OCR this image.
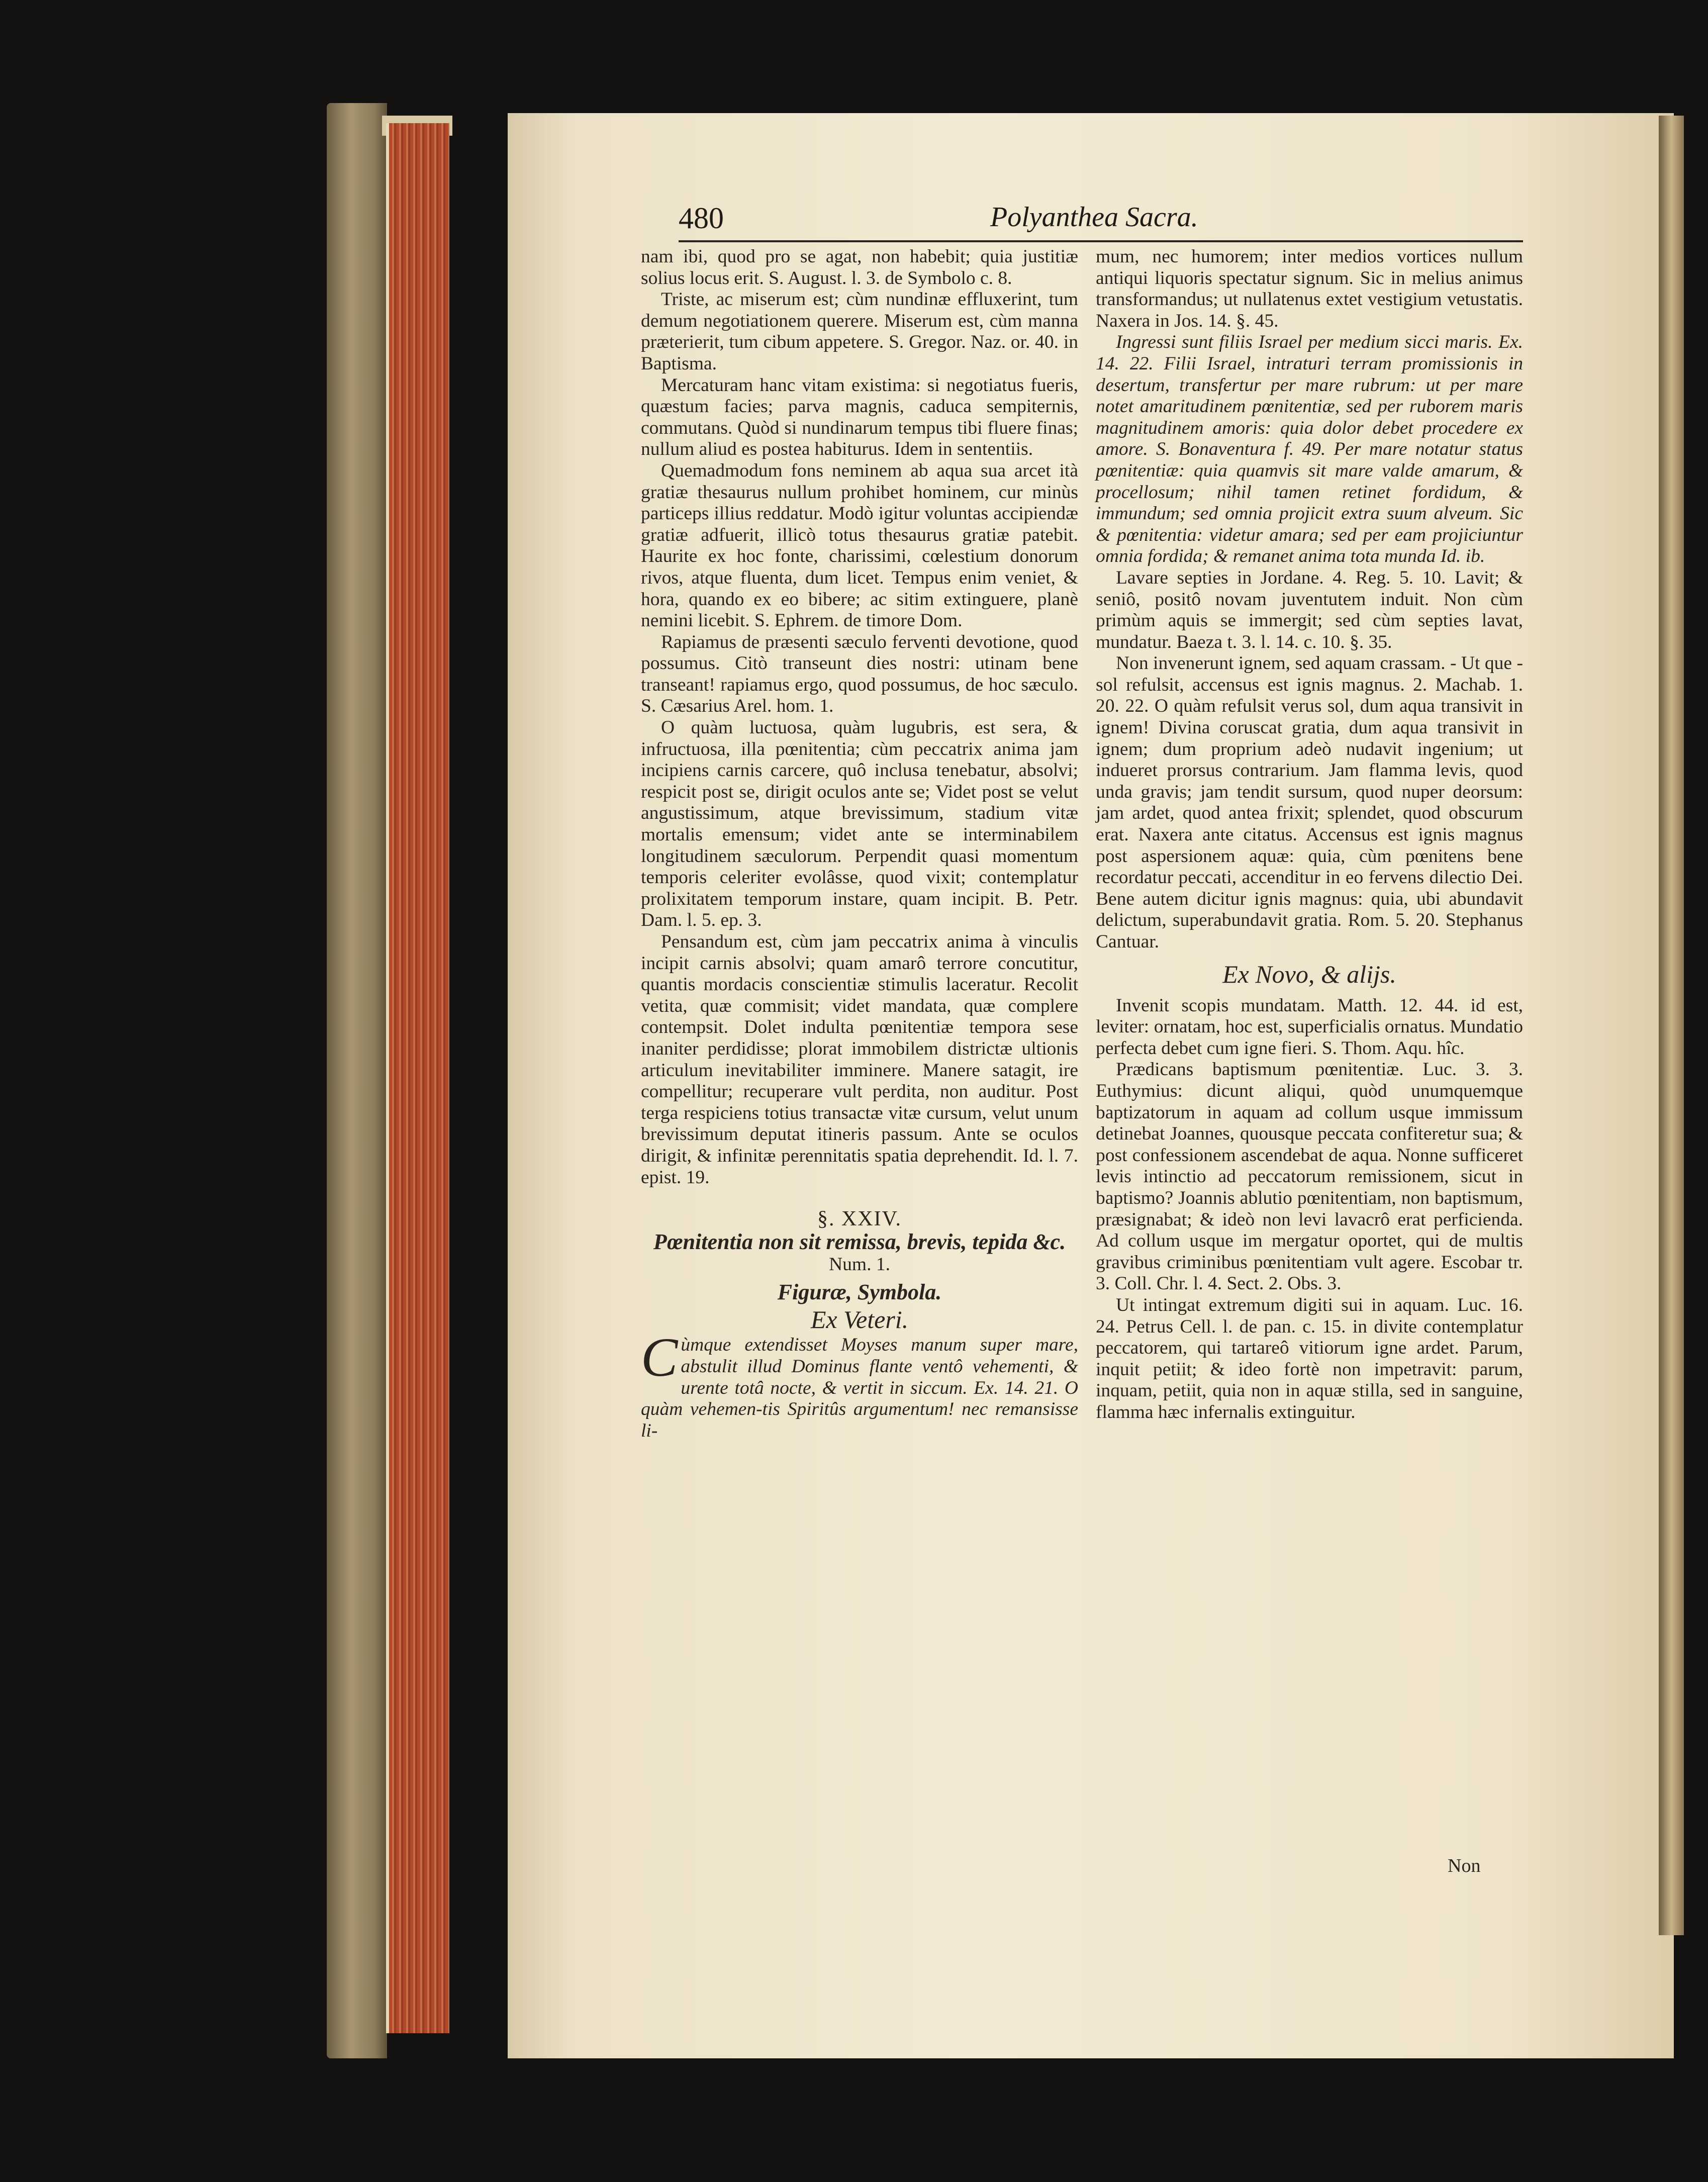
480	Polyanthea Sacra.

nam ibi, quod pro se agat, non habebit; quia justitiæ solius locus erit. S. August. l. 3. de Symbolo c. 8.

Triste, ac miserum est; cùm nundinæ effluxerint, tum demum negotiationem querere. Miserum est, cùm manna præterierit, tum cibum appetere. S. Gregor. Naz. or. 40. in Baptisma.

Mercaturam hanc vitam existima: si negotiatus fueris, quæstum facies; parva magnis, caduca sempiternis, commutans. Quòd si nundinarum tempus tibi fluere finas; nullum aliud es postea habiturus. Idem in sententiis.

Quemadmodum fons neminem ab aqua sua arcet ità gratiæ thesaurus nullum prohibet hominem, cur minùs particeps illius reddatur. Modò igitur voluntas accipiendæ gratiæ adfuerit, illicò totus thesaurus gratiæ patebit. Haurite ex hoc fonte, charissimi, cœlestium donorum rivos, atque fluenta, dum licet. Tempus enim veniet, & hora, quando ex eo bibere; ac sitim extinguere, planè nemini licebit. S. Ephrem. de timore Dom.

Rapiamus de præsenti sæculo ferventi devotione, quod possumus. Citò transeunt dies nostri: utinam bene transeant! rapiamus ergo, quod possumus, de hoc sæculo. S. Cæsarius Arel. hom. 1.

O quàm luctuosa, quàm lugubris, est sera, & infructuosa, illa pœnitentia; cùm peccatrix anima jam incipiens carnis carcere, quô inclusa tenebatur, absolvi; respicit post se, dirigit oculos ante se; Videt post se velut angustissimum, atque brevissimum, stadium vitæ mortalis emensum; videt ante se interminabilem longitudinem sæculorum. Perpendit quasi momentum temporis celeriter evolâsse, quod vixit; contemplatur prolixitatem temporum instare, quam incipit. B. Petr. Dam. l. 5. ep. 3.

Pensandum est, cùm jam peccatrix anima à vinculis incipit carnis absolvi; quam amarô terrore concutitur, quantis mordacis conscientiæ stimulis laceratur. Recolit vetita, quæ commisit; videt mandata, quæ complere contempsit. Dolet indulta pœnitentiæ tempora sese inaniter perdidisse; plorat immobilem districtæ ultionis articulum inevitabiliter imminere. Manere satagit, ire compellitur; recuperare vult perdita, non auditur. Post terga respiciens totius transactæ vitæ cursum, velut unum brevissimum deputat itineris passum. Ante se oculos dirigit, & infinitæ perennitatis spatia deprehendit. Id. l. 7. epist. 19.

§. XXIV.
Pœnitentia non sit remissa, brevis, tepida &c.
Num. 1.
Figuræ, Symbola.
Ex Veteri.

Cùmque extendisset Moyses manum super mare, abstulit illud Dominus flante ventô vehementi, & urente totâ nocte, & vertit in siccum. Ex. 14. 21. O quàm vehemen-tis Spiritûs argumentum! nec remansisse li-

mum, nec humorem; inter medios vortices nullum antiqui liquoris spectatur signum. Sic in melius animus transformandus; ut nullatenus extet vestigium vetustatis. Naxera in Jos. 14. §. 45.

Ingressi sunt filiis Israel per medium sicci maris. Ex. 14. 22. Filii Israel, intraturi terram promissionis in desertum, transfertur per mare rubrum: ut per mare notet amaritudinem pœnitentiæ, sed per ruborem maris magnitudinem amoris: quia dolor debet procedere ex amore. S. Bonaventura f. 49. Per mare notatur status pœnitentiæ: quia quamvis sit mare valde amarum, & procellosum; nihil tamen retinet fordidum, & immundum; sed omnia projicit extra suum alveum. Sic & pœnitentia: videtur amara; sed per eam projiciuntur omnia fordida; & remanet anima tota munda Id. ib.

Lavare septies in Jordane. 4. Reg. 5. 10. Lavit; & seniô, positô novam juventutem induit. Non cùm primùm aquis se immergit; sed cùm septies lavat, mundatur. Baeza t. 3. l. 14. c. 10. §. 35.

Non invenerunt ignem, sed aquam crassam. - Ut que - sol refulsit, accensus est ignis magnus. 2. Machab. 1. 20. 22. O quàm refulsit verus sol, dum aqua transivit in ignem! Divina coruscat gratia, dum aqua transivit in ignem; dum proprium adeò nudavit ingenium; ut indueret prorsus contrarium. Jam flamma levis, quod unda gravis; jam tendit sursum, quod nuper deorsum: jam ardet, quod antea frixit; splendet, quod obscurum erat. Naxera ante citatus. Accensus est ignis magnus post aspersionem aquæ: quia, cùm pœnitens bene recordatur peccati, accenditur in eo fervens dilectio Dei. Bene autem dicitur ignis magnus: quia, ubi abundavit delictum, superabundavit gratia. Rom. 5. 20. Stephanus Cantuar.

Ex Novo, & alijs.

Invenit scopis mundatam. Matth. 12. 44. id est, leviter: ornatam, hoc est, superficialis ornatus. Mundatio perfecta debet cum igne fieri. S. Thom. Aqu. hîc.

Prædicans baptismum pœnitentiæ. Luc. 3. 3. Euthymius: dicunt aliqui, quòd unumquemque baptizatorum in aquam ad collum usque immissum detinebat Joannes, quousque peccata confiteretur sua; & post confessionem ascendebat de aqua. Nonne sufficeret levis intinctio ad peccatorum remissionem, sicut in baptismo? Joannis ablutio pœnitentiam, non baptismum, præsignabat; & ideò non levi lavacrô erat perficienda. Ad collum usque im mergatur oportet, qui de multis gravibus criminibus pœnitentiam vult agere. Escobar tr. 3. Coll. Chr. l. 4. Sect. 2. Obs. 3.

Ut intingat extremum digiti sui in aquam. Luc. 16. 24. Petrus Cell. l. de pan. c. 15. in divite contemplatur peccatorem, qui tartareô vitiorum igne ardet. Parum, inquit petiit; & ideo fortè non impetravit: parum, inquam, petiit, quia non in aquæ stilla, sed in sanguine, flamma hæc infernalis extinguitur.

Non
